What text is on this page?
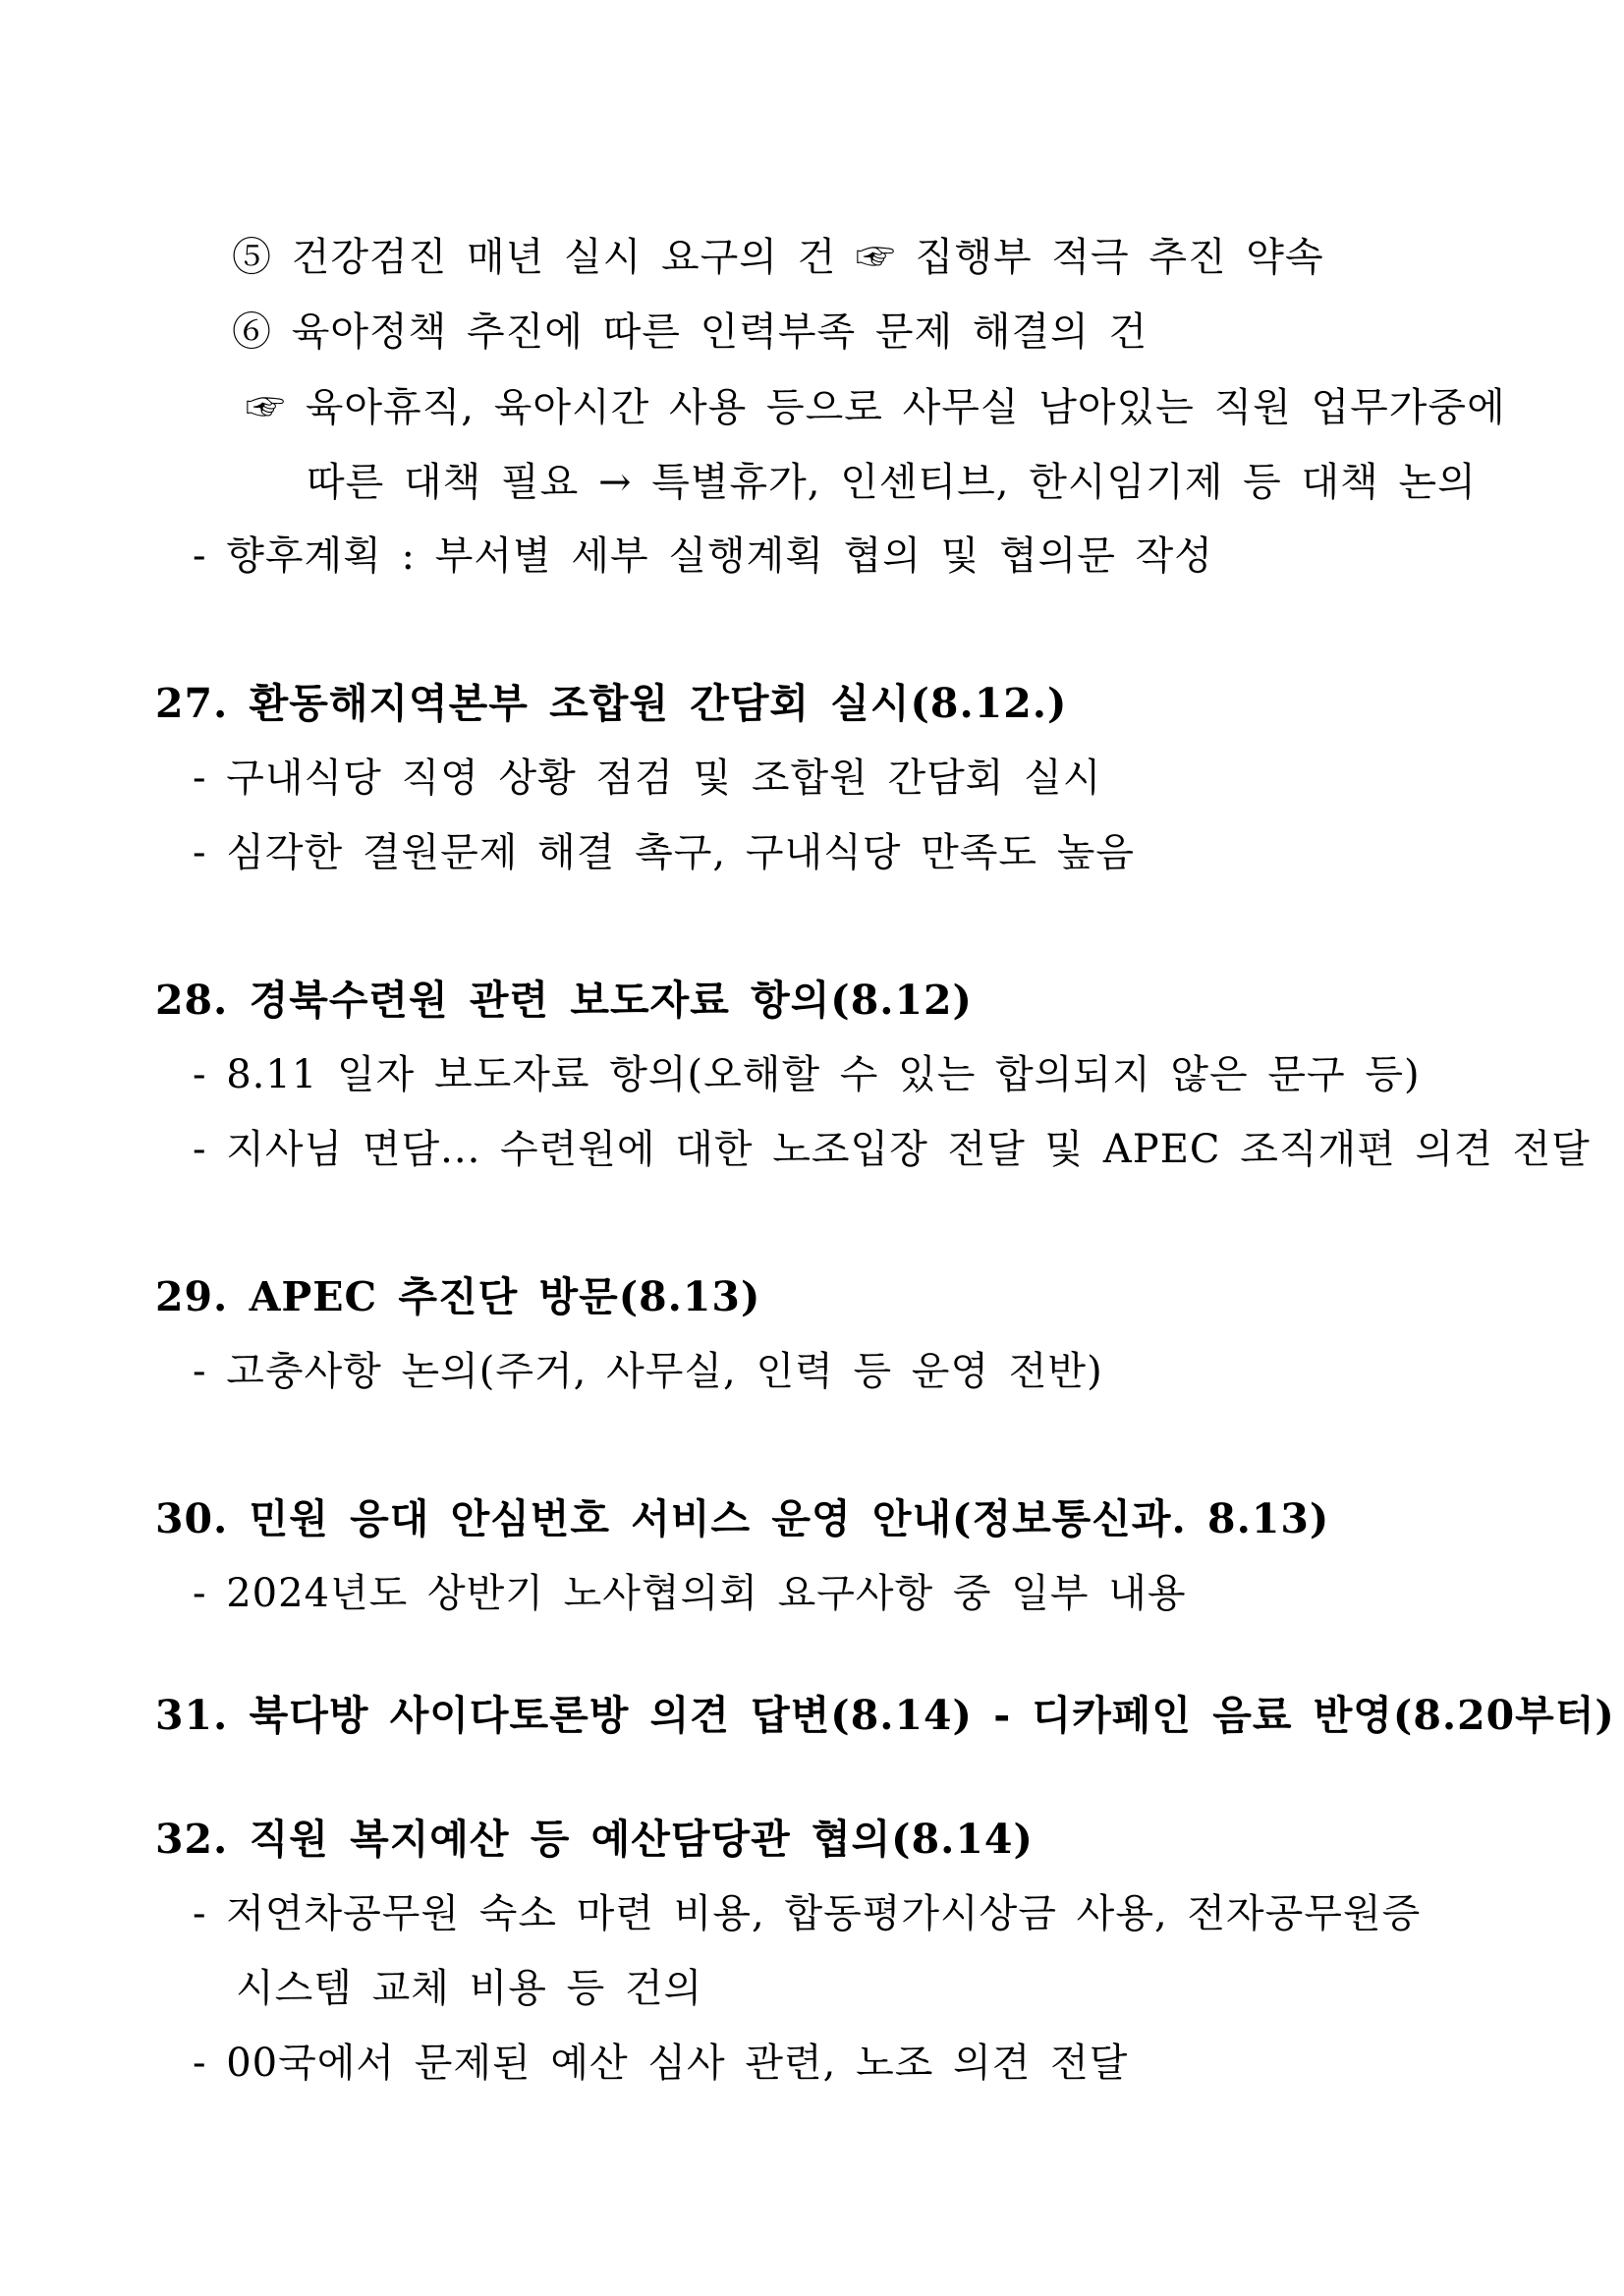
⑤ 건강검진 매년 실시 요구의 건 ☞ 집행부 적극 추진 약속
⑥ 육아정책 추진에 따른 인력부족 문제 해결의 건
☞ 육아휴직, 육아시간 사용 등으로 사무실 남아있는 직원 업무가중에
따른 대책 필요 → 특별휴가, 인센티브, 한시임기제 등 대책 논의
- 향후계획 : 부서별 세부 실행계획 협의 및 협의문 작성
27. 환동해지역본부 조합원 간담회 실시(8.12.)
- 구내식당 직영 상황 점검 및 조합원 간담회 실시
- 심각한 결원문제 해결 촉구, 구내식당 만족도 높음
28. 경북수련원 관련 보도자료 항의(8.12)
- 8.11 일자 보도자료 항의(오해할 수 있는 합의되지 않은 문구 등)
- 지사님 면담... 수련원에 대한 노조입장 전달 및 APEC 조직개편 의견 전달
29. APEC 추진단 방문(8.13)
- 고충사항 논의(주거, 사무실, 인력 등 운영 전반)
30. 민원 응대 안심번호 서비스 운영 안내(정보통신과. 8.13)
- 2024년도 상반기 노사협의회 요구사항 중 일부 내용
31. 북다방 사이다토론방 의견 답변(8.14) - 디카페인 음료 반영(8.20부터)
32. 직원 복지예산 등 예산담당관 협의(8.14)
- 저연차공무원 숙소 마련 비용, 합동평가시상금 사용, 전자공무원증
시스템 교체 비용 등 건의
- 00국에서 문제된 예산 심사 관련, 노조 의견 전달
